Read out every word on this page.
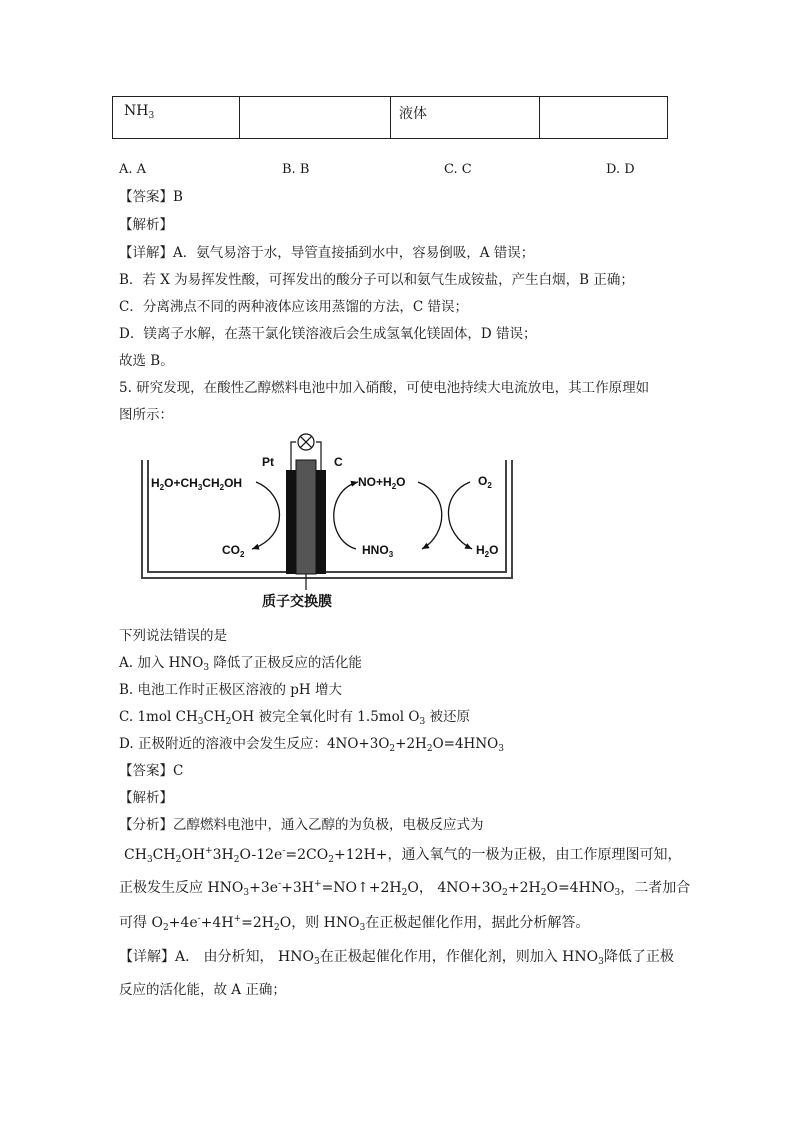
$NH_3$		液体

A. A	B. B	C. C	D. D
【答案】B
【解析】
【详解】A．氨气易溶于水，导管直接插到水中，容易倒吸，A 错误；
B．若 X 为易挥发性酸，可挥发出的酸分子可以和氨气生成铵盐，产生白烟，B 正确；
C．分离沸点不同的两种液体应该用蒸馏的方法，C 错误；
D．镁离子水解，在蒸干氯化镁溶液后会生成氢氧化镁固体，D 错误；
故选 B。
5. 研究发现，在酸性乙醇燃料电池中加入硝酸，可使电池持续大电流放电，其工作原理如
图所示：
Pt	C
$H_2O+CH_3CH_2OH$
$CO_2$
$NO+H_2O$
$HNO_3$
$O_2$
$H_2O$
质子交换膜
下列说法错误的是
A. 加入 $HNO_3$ 降低了正极反应的活化能
B. 电池工作时正极区溶液的 pH 增大
C. 1mol $CH_3CH_2OH$ 被完全氧化时有 1.5mol $O_3$ 被还原
D. 正极附近的溶液中会发生反应：$4NO+3O_2+2H_2O=4HNO_3$
【答案】C
【解析】
【分析】乙醇燃料电池中，通入乙醇的为负极，电极反应式为
$CH_3CH_2OH^+3H_2O-12e^-=2CO_2+12H+$，通入氧气的一极为正极，由工作原理图可知，
正极发生反应 $HNO_3+3e^-+3H^+=NO↑+2H_2O$， $4NO+3O_2+2H_2O=4HNO_3$，二者加合
可得 $O_2+4e^-+4H^+=2H_2O$，则 $HNO_3$在正极起催化作用，据此分析解答。
【详解】A． 由分析知， $HNO_3$在正极起催化作用，作催化剂，则加入 $HNO_3$降低了正极
反应的活化能，故 A 正确；
